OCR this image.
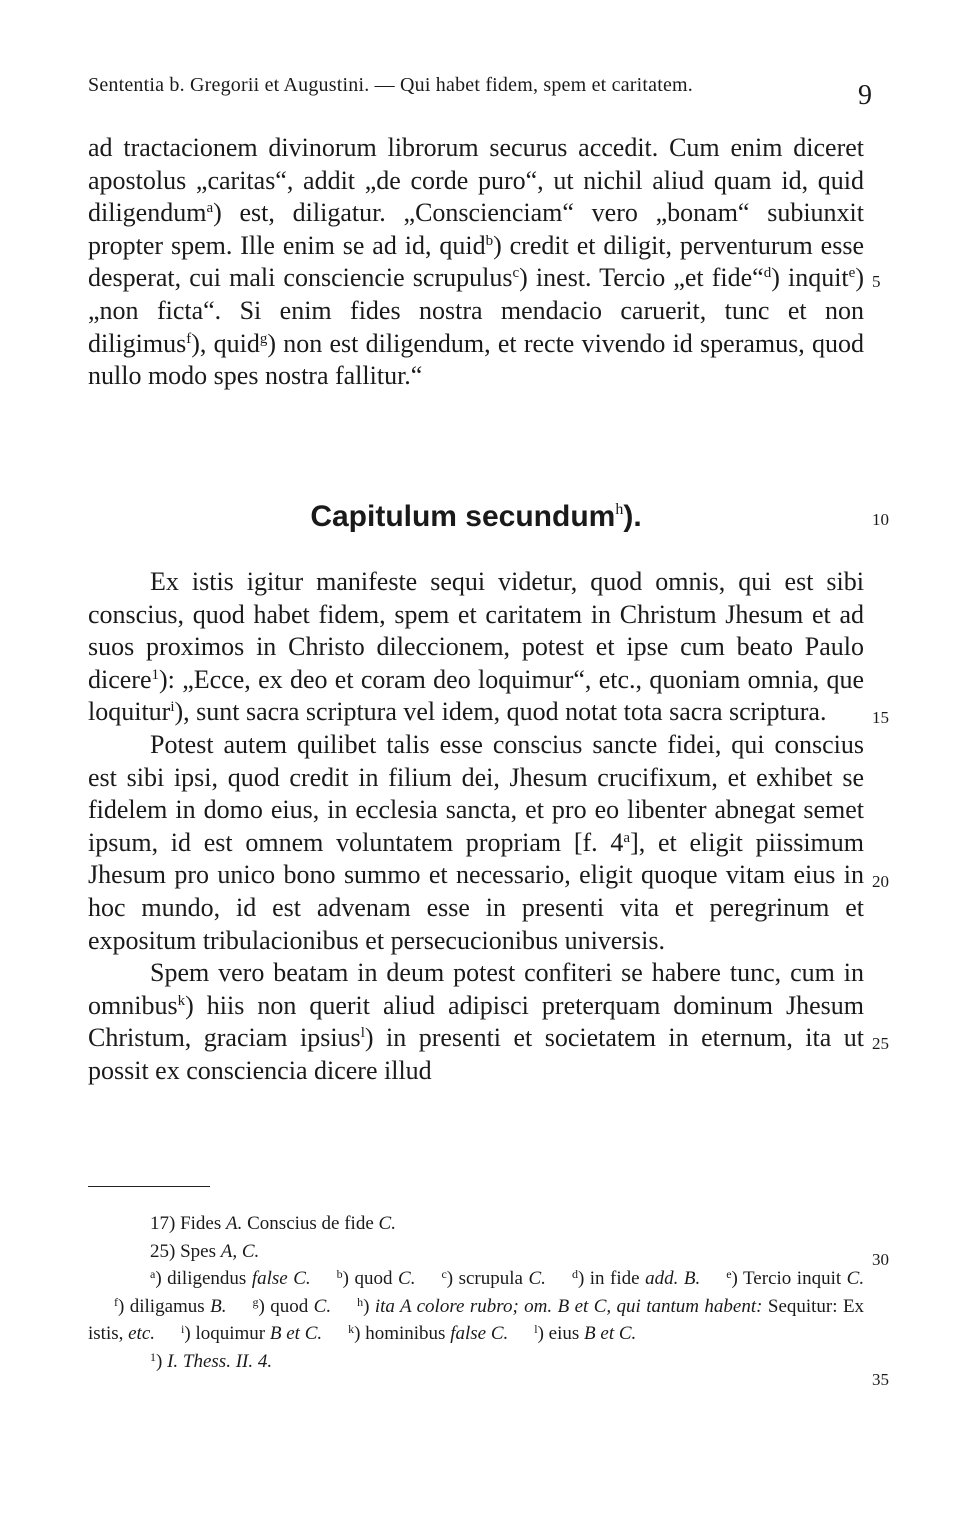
Sententia b. Gregorii et Augustini. — Qui habet fidem, spem et caritatem.	9

ad tractacionem divinorum librorum securus accedit. Cum enim diceret apostolus „caritas“, addit „de corde puro“, ut nichil aliud quam id, quid diligendum$^a$) est, diligatur. „Conscienciam“ vero „bonam“ subiunxit propter spem. Ille enim se ad id, quid$^b$) credit et diligit, perventurum esse desperat, cui mali consciencie scrupulus$^c$) inest. Tercio „et fide“$^d$) inquit$^e$) „non ficta“. Si enim fides nostra mendacio caruerit, tunc et non diligimus$^f$), quid$^g$) non est diligendum, et recte vivendo id speramus, quod nullo modo spes nostra fallitur.“

Capitulum secundum$^h$).

Ex istis igitur manifeste sequi videtur, quod omnis, qui est sibi conscius, quod habet fidem, spem et caritatem in Christum Jhesum et ad suos proximos in Christo dileccionem, potest et ipse cum beato Paulo dicere$^1$): „Ecce, ex deo et coram deo loquimur“, etc., quoniam omnia, que loquitur$^i$), sunt sacra scriptura vel idem, quod notat tota sacra scriptura.

Potest autem quilibet talis esse conscius sancte fidei, qui conscius est sibi ipsi, quod credit in filium dei, Jhesum crucifixum, et exhibet se fidelem in domo eius, in ecclesia sancta, et pro eo libenter abnegat semet ipsum, id est omnem voluntatem propriam [f. 4$^a$], et eligit piissimum Jhesum pro unico bono summo et necessario, eligit quoque vitam eius in hoc mundo, id est advenam esse in presenti vita et peregrinum et expositum tribulacionibus et persecucionibus universis.

Spem vero beatam in deum potest confiteri se habere tunc, cum in omnibus$^k$) hiis non querit aliud adipisci preterquam dominum Jhesum Christum, graciam ipsius$^l$) in presenti et societatem in eternum, ita ut possit ex consciencia dicere illud

5
10
15
20
25
30
35

17) Fides A. Conscius de fide C.

25) Spes A, C.

$^a$) diligendus false C. $^b$) quod C. $^c$) scrupula C. $^d$) in fide add. B. $^e$) Tercio inquit C.$^f$) diligamus B. $^g$) quod C. $^h$) ita A colore rubro; om. B et C, qui tantum habent: Sequitur: Ex istis, etc. $^i$) loquimur B et C. $^k$) hominibus false C. $^l$) eius B et C.

$^1$) I. Thess. II. 4.
